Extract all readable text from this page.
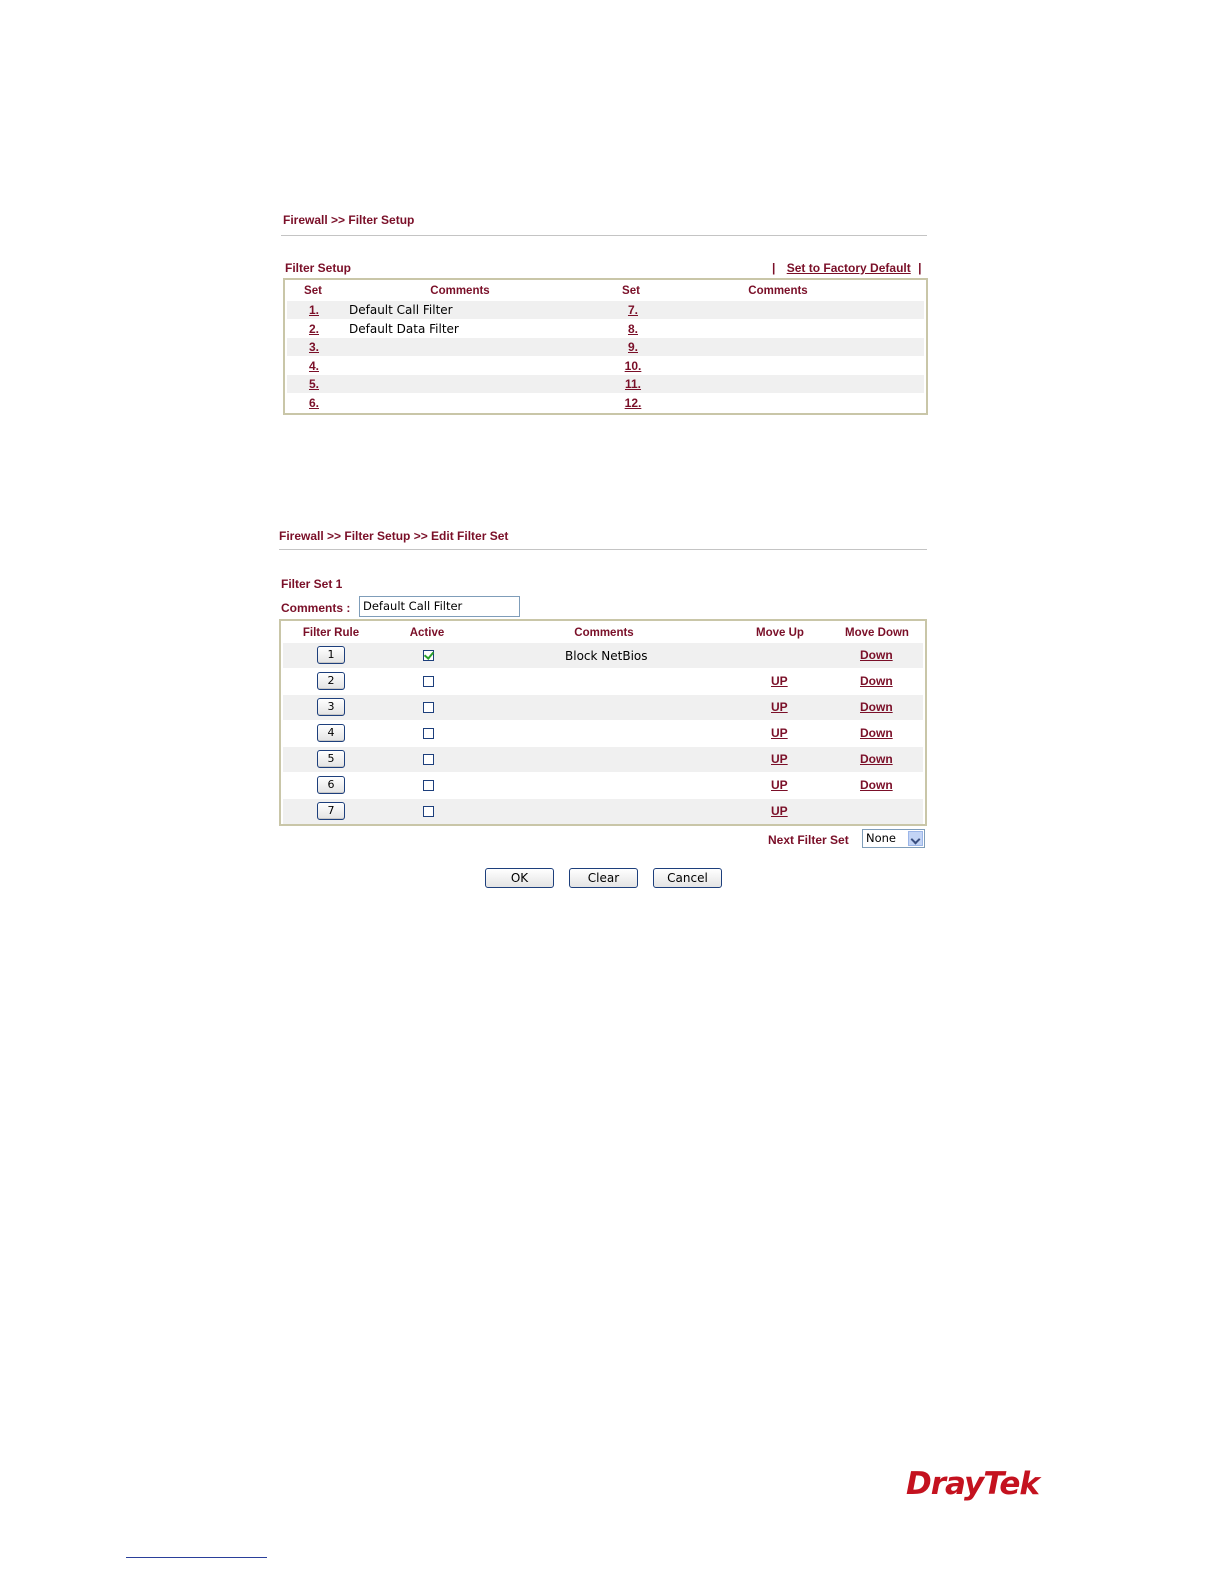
Firewall >> Filter Setup
Filter Setup	| Set to Factory Default |
Set	Comments	Set	Comments
1.	Default Call Filter	7.
2.	Default Data Filter	8.
3.	9.
4.	10.
5.	11.
6.	12.
Firewall >> Filter Setup >> Edit Filter Set
Filter Set 1
Comments :	Default Call Filter
Filter Rule	Active	Comments	Move Up	Move Down
1	Block NetBios	Down
2	UP	Down
3	UP	Down
4	UP	Down
5	UP	Down
6	UP	Down
7	UP
Next Filter Set	None
OK	Clear	Cancel
DrayTek
